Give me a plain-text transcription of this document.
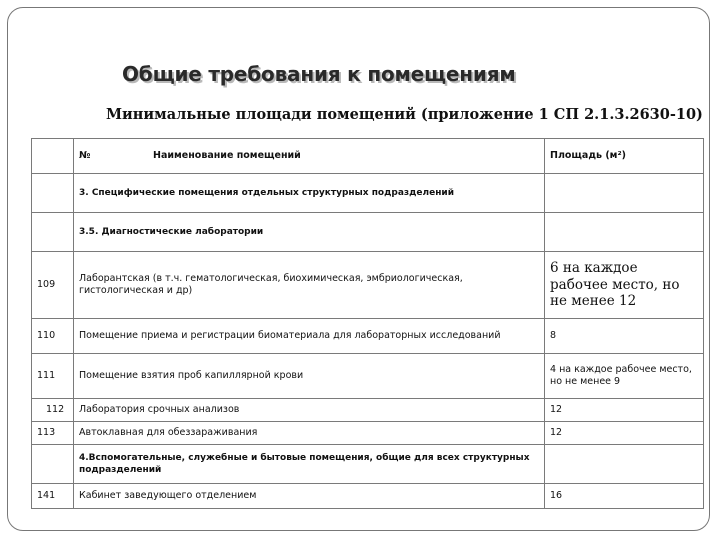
Общие требования к помещениям

Минимальные площади помещений (приложение 1 СП 2.1.3.2630-10)

	№ Наименование помещений	Площадь (м²)
	3. Специфические помещения отдельных структурных подразделений	
	3.5. Диагностические лаборатории	
109	Лаборантская (в т.ч. гематологическая, биохимическая, эмбриологическая, гистологическая и др)	6 на каждое рабочее место, но не менее 12
110	Помещение приема и регистрации биоматериала для лабораторных исследований	8
111	Помещение взятия проб капиллярной крови	4 на каждое рабочее место, но не менее 9
112	Лаборатория срочных анализов	12
113	Автоклавная для обеззараживания	12
	4.Вспомогательные, служебные и бытовые помещения, общие для всех структурных подразделений	
141	Кабинет заведующего отделением	16
